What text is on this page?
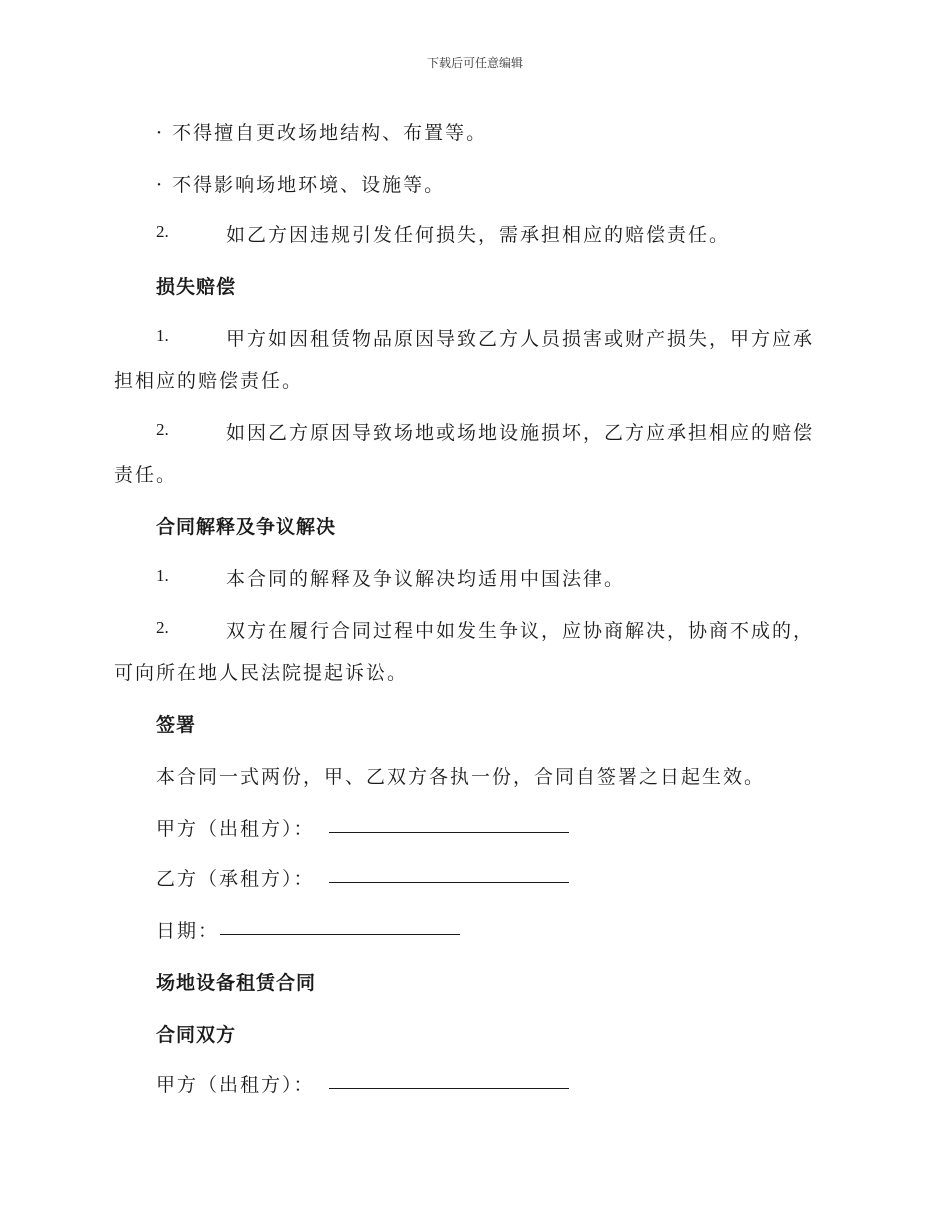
下载后可任意编辑
· 不得擅自更改场地结构、布置等。
· 不得影响场地环境、设施等。
2.	如乙方因违规引发任何损失，需承担相应的赔偿责任。
损失赔偿
1.	甲方如因租赁物品原因导致乙方人员损害或财产损失，甲方应承
担相应的赔偿责任。
2.	如因乙方原因导致场地或场地设施损坏，乙方应承担相应的赔偿
责任。
合同解释及争议解决
1.	本合同的解释及争议解决均适用中国法律。
2.	双方在履行合同过程中如发生争议，应协商解决，协商不成的，
可向所在地人民法院提起诉讼。
签署
本合同一式两份，甲、乙双方各执一份，合同自签署之日起生效。
甲方（出租方）：
乙方（承租方）：
日期：
场地设备租赁合同
合同双方
甲方（出租方）：
